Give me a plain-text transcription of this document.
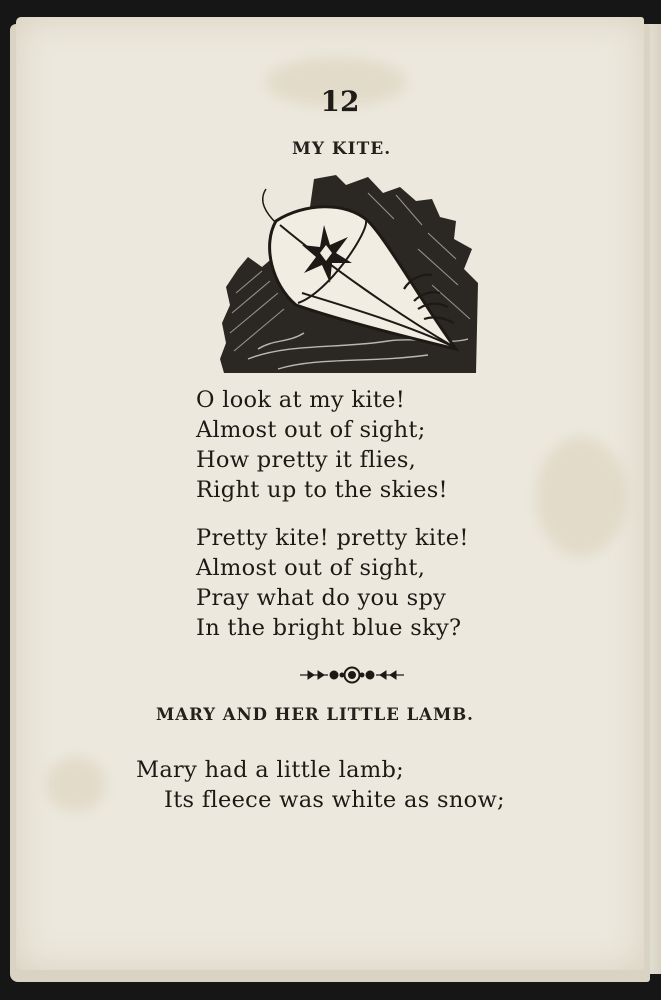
12
MY KITE.
O look at my kite!
Almost out of sight;
How pretty it flies,
Right up to the skies!
Pretty kite! pretty kite!
Almost out of sight,
Pray what do you spy
In the bright blue sky?
MARY AND HER LITTLE LAMB.
Mary had a little lamb;
Its fleece was white as snow;
